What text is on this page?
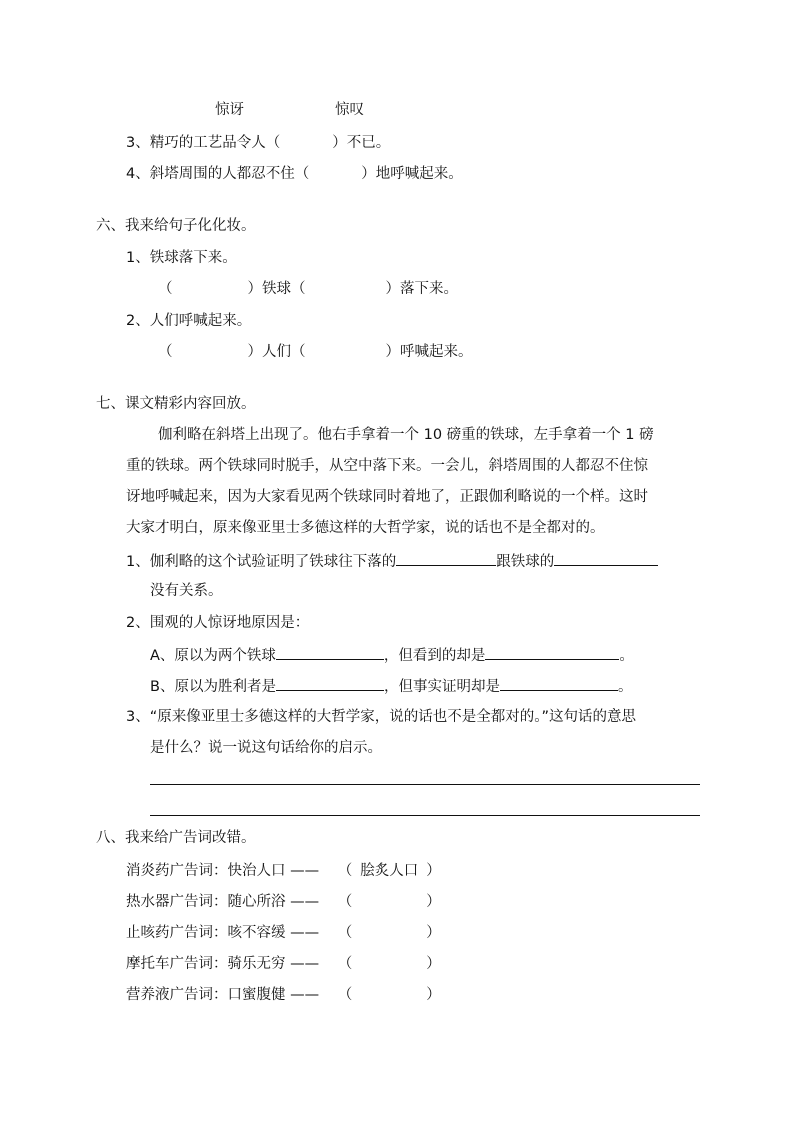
惊讶	惊叹
3、精巧的工艺品令人（	）不已。
4、斜塔周围的人都忍不住（	）地呼喊起来。
六、我来给句子化化妆。
1、铁球落下来。
（	）铁球（	）落下来。
2、人们呼喊起来。
（	）人们（	）呼喊起来。
七、课文精彩内容回放。
伽利略在斜塔上出现了。他右手拿着一个 10 磅重的铁球，左手拿着一个 1 磅
重的铁球。两个铁球同时脱手，从空中落下来。一会儿，斜塔周围的人都忍不住惊
讶地呼喊起来，因为大家看见两个铁球同时着地了，正跟伽利略说的一个样。这时
大家才明白，原来像亚里士多德这样的大哲学家，说的话也不是全都对的。
1、伽利略的这个试验证明了铁球往下落的	跟铁球的
没有关系。
2、围观的人惊讶地原因是：
A、原以为两个铁球	，但看到的却是	。
B、原以为胜利者是	，但事实证明却是	。
3、“原来像亚里士多德这样的大哲学家，说的话也不是全都对的。”这句话的意思
是什么？说一说这句话给你的启示。
八、我来给广告词改错。
消炎药广告词：快治人口 —— （ 脍炙人口 ）
热水器广告词：随心所浴 —— （	）
止咳药广告词：咳不容缓 —— （	）
摩托车广告词：骑乐无穷 —— （	）
营养液广告词：口蜜腹健 —— （	）
